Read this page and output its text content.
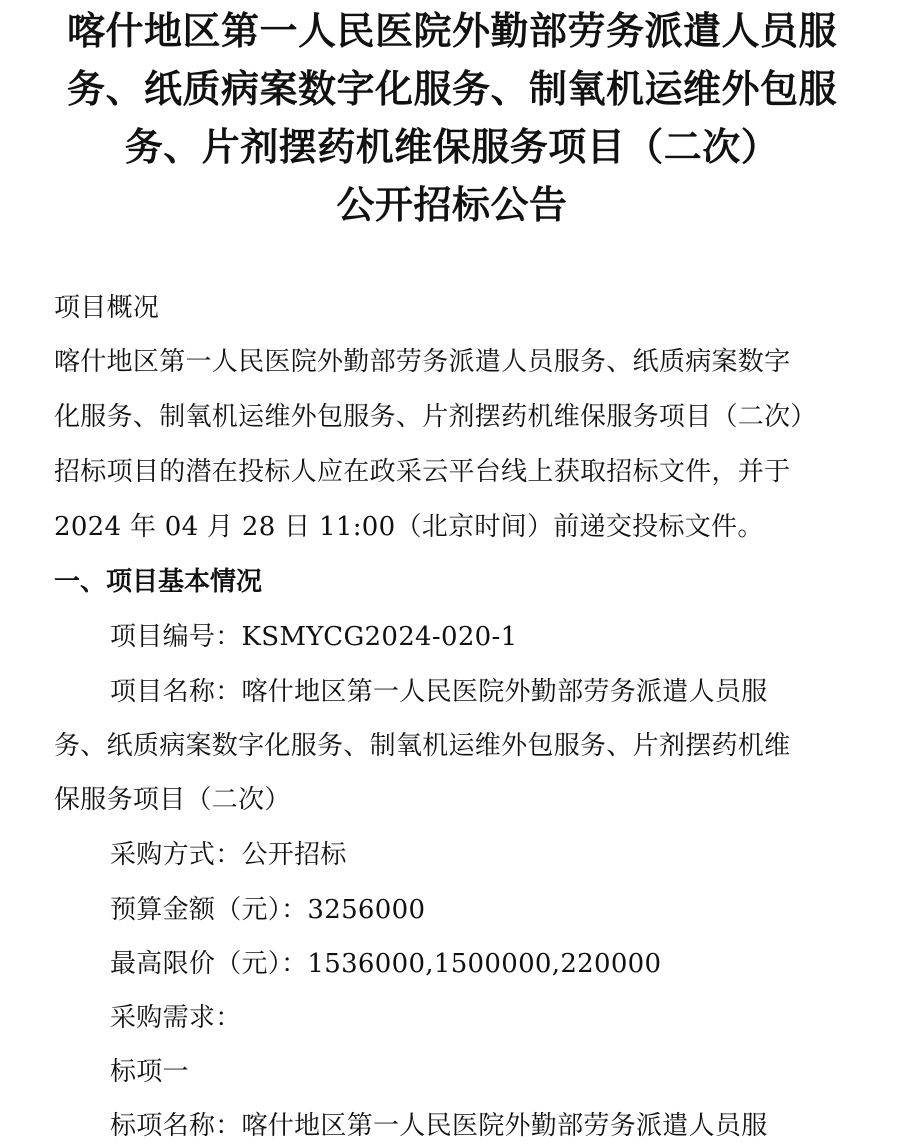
喀什地区第一人民医院外勤部劳务派遣人员服
务、纸质病案数字化服务、制氧机运维外包服
务、片剂摆药机维保服务项目（二次）
公开招标公告
项目概况
喀什地区第一人民医院外勤部劳务派遣人员服务、纸质病案数字
化服务、制氧机运维外包服务、片剂摆药机维保服务项目（二次）
招标项目的潜在投标人应在政采云平台线上获取招标文件，并于
2024 年 04 月 28 日 11:00（北京时间）前递交投标文件。
一、项目基本情况
项目编号：KSMYCG2024-020-1
项目名称：喀什地区第一人民医院外勤部劳务派遣人员服
务、纸质病案数字化服务、制氧机运维外包服务、片剂摆药机维
保服务项目（二次）
采购方式：公开招标
预算金额（元）：3256000
最高限价（元）：1536000,1500000,220000
采购需求：
标项一
标项名称：喀什地区第一人民医院外勤部劳务派遣人员服
